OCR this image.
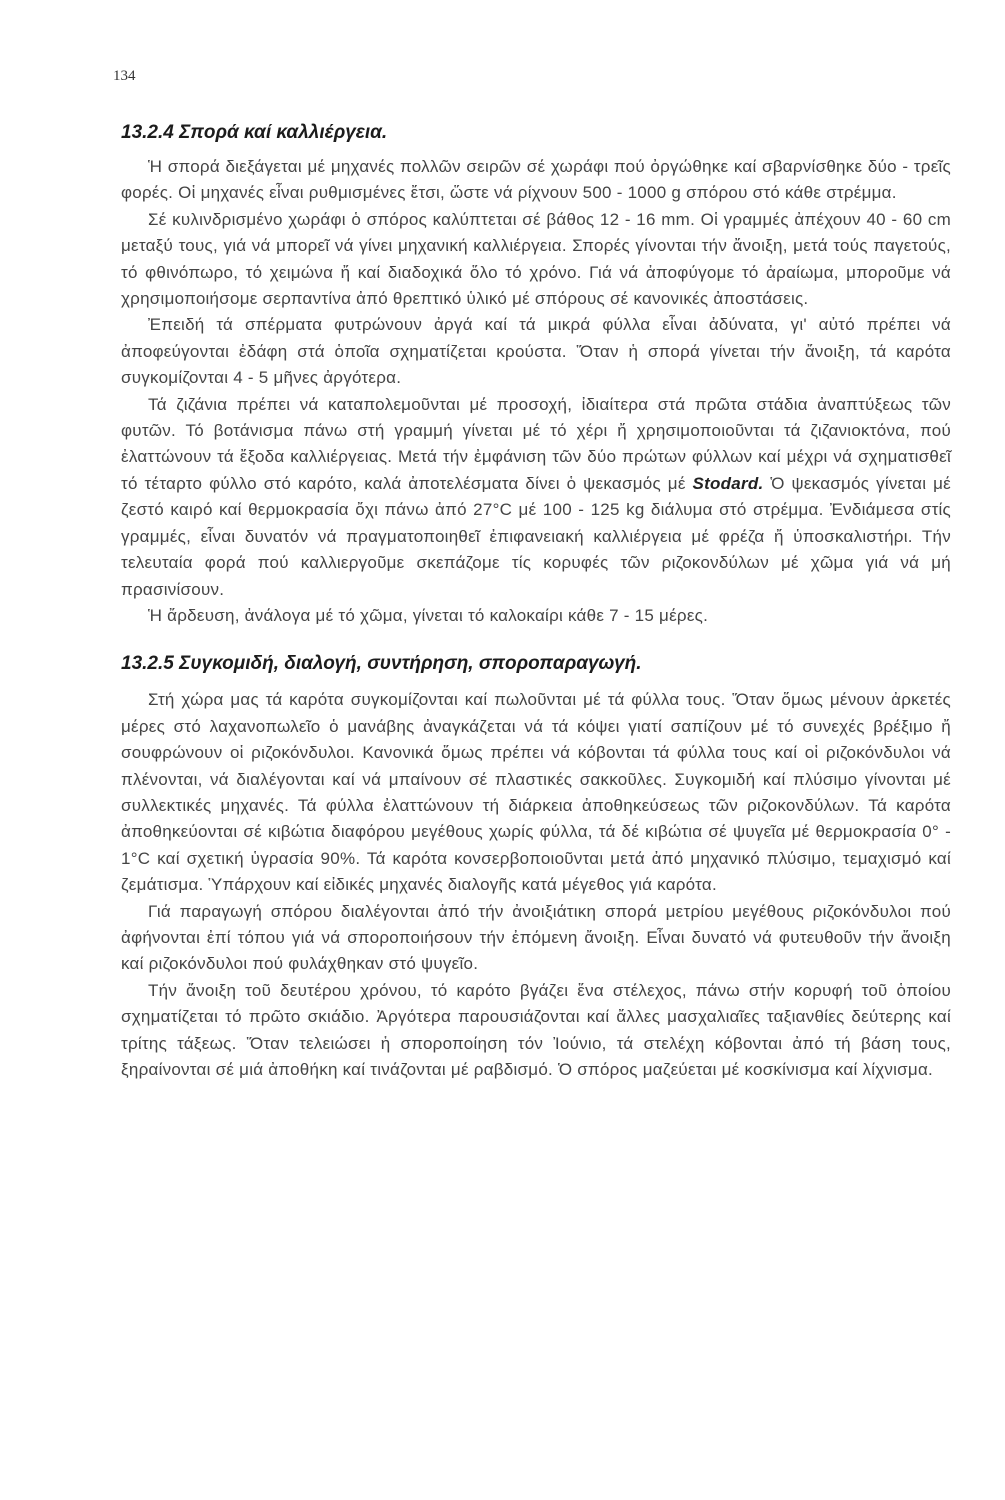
134
13.2.4 Σπορά καί καλλιέργεια.

Ἡ σπορά διεξάγεται μέ μηχανές πολλῶν σειρῶν σέ χωράφι πού ὀργώθηκε καί σβαρνίσθηκε δύο - τρεῖς φορές. Οἱ μηχανές εἶναι ρυθμισμένες ἔτσι, ὥστε νά ρίχνουν 500 - 1000 g σπόρου στό κάθε στρέμμα.

Σέ κυλινδρισμένο χωράφι ὁ σπόρος καλύπτεται σέ βάθος 12 - 16 mm. Οἱ γραμμές ἀπέχουν 40 - 60 cm μεταξύ τους, γιά νά μπορεῖ νά γίνει μηχανική καλλιέργεια. Σπορές γίνονται τήν ἄνοιξη, μετά τούς παγετούς, τό φθινόπωρο, τό χειμώνα ἤ καί διαδοχικά ὅλο τό χρόνο. Γιά νά ἀποφύγομε τό ἀραίωμα, μποροῦμε νά χρησιμοποιήσομε σερπαντίνα ἀπό θρεπτικό ὑλικό μέ σπόρους σέ κανονικές ἀποστάσεις.

Ἐπειδή τά σπέρματα φυτρώνουν ἀργά καί τά μικρά φύλλα εἶναι ἀδύνατα, γι' αὐτό πρέπει νά ἀποφεύγονται ἐδάφη στά ὁποῖα σχηματίζεται κρούστα. Ὅταν ἡ σπορά γίνεται τήν ἄνοιξη, τά καρότα συγκομίζονται 4 - 5 μῆνες ἀργότερα.

Τά ζιζάνια πρέπει νά καταπολεμοῦνται μέ προσοχή, ἰδιαίτερα στά πρῶτα στάδια ἀναπτύξεως τῶν φυτῶν. Τό βοτάνισμα πάνω στή γραμμή γίνεται μέ τό χέρι ἤ χρησιμοποιοῦνται τά ζιζανιοκτόνα, πού ἐλαττώνουν τά ἔξοδα καλλιέργειας. Μετά τήν ἐμφάνιση τῶν δύο πρώτων φύλλων καί μέχρι νά σχηματισθεῖ τό τέταρτο φύλλο στό καρότο, καλά ἀποτελέσματα δίνει ὁ ψεκασμός μέ Stodard. Ὁ ψεκασμός γίνεται μέ ζεστό καιρό καί θερμοκρασία ὄχι πάνω ἀπό 27°C μέ 100 - 125 kg διάλυμα στό στρέμμα. Ἐνδιάμεσα στίς γραμμές, εἶναι δυνατόν νά πραγματοποιηθεῖ ἐπιφανειακή καλλιέργεια μέ φρέζα ἤ ὑποσκαλιστήρι. Τήν τελευταία φορά πού καλλιεργοῦμε σκεπάζομε τίς κορυφές τῶν ριζοκονδύλων μέ χῶμα γιά νά μή πρασινίσουν.

Ἡ ἄρδευση, ἀνάλογα μέ τό χῶμα, γίνεται τό καλοκαίρι κάθε 7 - 15 μέρες.

13.2.5 Συγκομιδή, διαλογή, συντήρηση, σποροπαραγωγή.

Στή χώρα μας τά καρότα συγκομίζονται καί πωλοῦνται μέ τά φύλλα τους. Ὅταν ὅμως μένουν ἀρκετές μέρες στό λαχανοπωλεῖο ὁ μανάβης ἀναγκάζεται νά τά κόψει γιατί σαπίζουν μέ τό συνεχές βρέξιμο ἤ σουφρώνουν οἱ ριζοκόνδυλοι. Κανονικά ὅμως πρέπει νά κόβονται τά φύλλα τους καί οἱ ριζοκόνδυλοι νά πλένονται, νά διαλέγονται καί νά μπαίνουν σέ πλαστικές σακκοῦλες. Συγκομιδή καί πλύσιμο γίνονται μέ συλλεκτικές μηχανές. Τά φύλλα ἐλαττώνουν τή διάρκεια ἀποθηκεύσεως τῶν ριζοκονδύλων. Τά καρότα ἀποθηκεύονται σέ κιβώτια διαφόρου μεγέθους χωρίς φύλλα, τά δέ κιβώτια σέ ψυγεῖα μέ θερμοκρασία 0° - 1°C καί σχετική ὑγρασία 90%. Τά καρότα κονσερβοποιοῦνται μετά ἀπό μηχανικό πλύσιμο, τεμαχισμό καί ζεμάτισμα. Ὑπάρχουν καί εἰδικές μηχανές διαλογῆς κατά μέγεθος γιά καρότα.

Γιά παραγωγή σπόρου διαλέγονται ἀπό τήν ἀνοιξιάτικη σπορά μετρίου μεγέθους ριζοκόνδυλοι πού ἀφήνονται ἐπί τόπου γιά νά σποροποιήσουν τήν ἐπόμενη ἄνοιξη. Εἶναι δυνατό νά φυτευθοῦν τήν ἄνοιξη καί ριζοκόνδυλοι πού φυλάχθηκαν στό ψυγεῖο.

Τήν ἄνοιξη τοῦ δευτέρου χρόνου, τό καρότο βγάζει ἕνα στέλεχος, πάνω στήν κορυφή τοῦ ὁποίου σχηματίζεται τό πρῶτο σκιάδιο. Ἀργότερα παρουσιάζονται καί ἄλλες μασχαλιαῖες ταξιανθίες δεύτερης καί τρίτης τάξεως. Ὅταν τελειώσει ἡ σποροποίηση τόν Ἰούνιο, τά στελέχη κόβονται ἀπό τή βάση τους, ξηραίνονται σέ μιά ἀποθήκη καί τινάζονται μέ ραβδισμό. Ὁ σπόρος μαζεύεται μέ κοσκίνισμα καί λίχνισμα.
